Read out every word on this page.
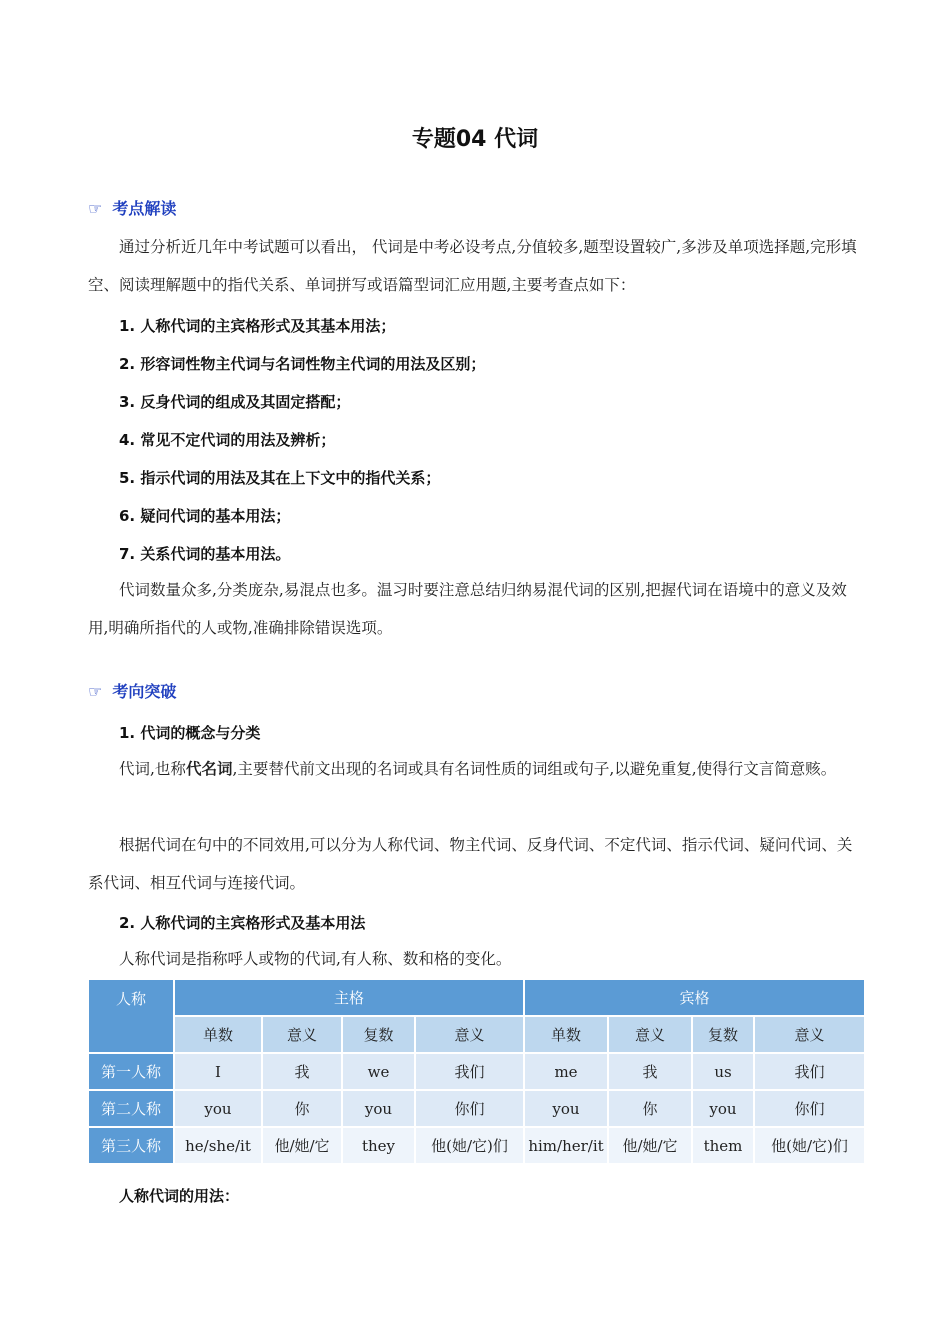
专题04 代词
☞ 考点解读

通过分析近几年中考试题可以看出， 代词是中考必设考点,分值较多,题型设置较广,多涉及单项选择题,完形填空、阅读理解题中的指代关系、单词拼写或语篇型词汇应用题,主要考查点如下：

1. 人称代词的主宾格形式及其基本用法；
2. 形容词性物主代词与名词性物主代词的用法及区别；
3. 反身代词的组成及其固定搭配；
4. 常见不定代词的用法及辨析；
5. 指示代词的用法及其在上下文中的指代关系；
6. 疑问代词的基本用法；
7. 关系代词的基本用法。

代词数量众多,分类庞杂,易混点也多。温习时要注意总结归纳易混代词的区别,把握代词在语境中的意义及效用,明确所指代的人或物,准确排除错误选项。

☞ 考向突破
1. 代词的概念与分类

代词,也称代名词,主要替代前文出现的名词或具有名词性质的词组或句子,以避免重复,使得行文言简意赅。

根据代词在句中的不同效用,可以分为人称代词、物主代词、反身代词、不定代词、指示代词、疑问代词、关系代词、相互代词与连接代词。

2. 人称代词的主宾格形式及基本用法

人称代词是指称呼人或物的代词,有人称、数和格的变化。

人称	主格				宾格			
	单数	意义	复数	意义	单数	意义	复数	意义
第一人称	I	我	we	我们	me	我	us	我们
第二人称	you	你	you	你们	you	你	you	你们
第三人称	he/she/it	他/她/它	they	他(她/它)们	him/her/it	他/她/它	them	他(她/它)们
人称代词的用法：
